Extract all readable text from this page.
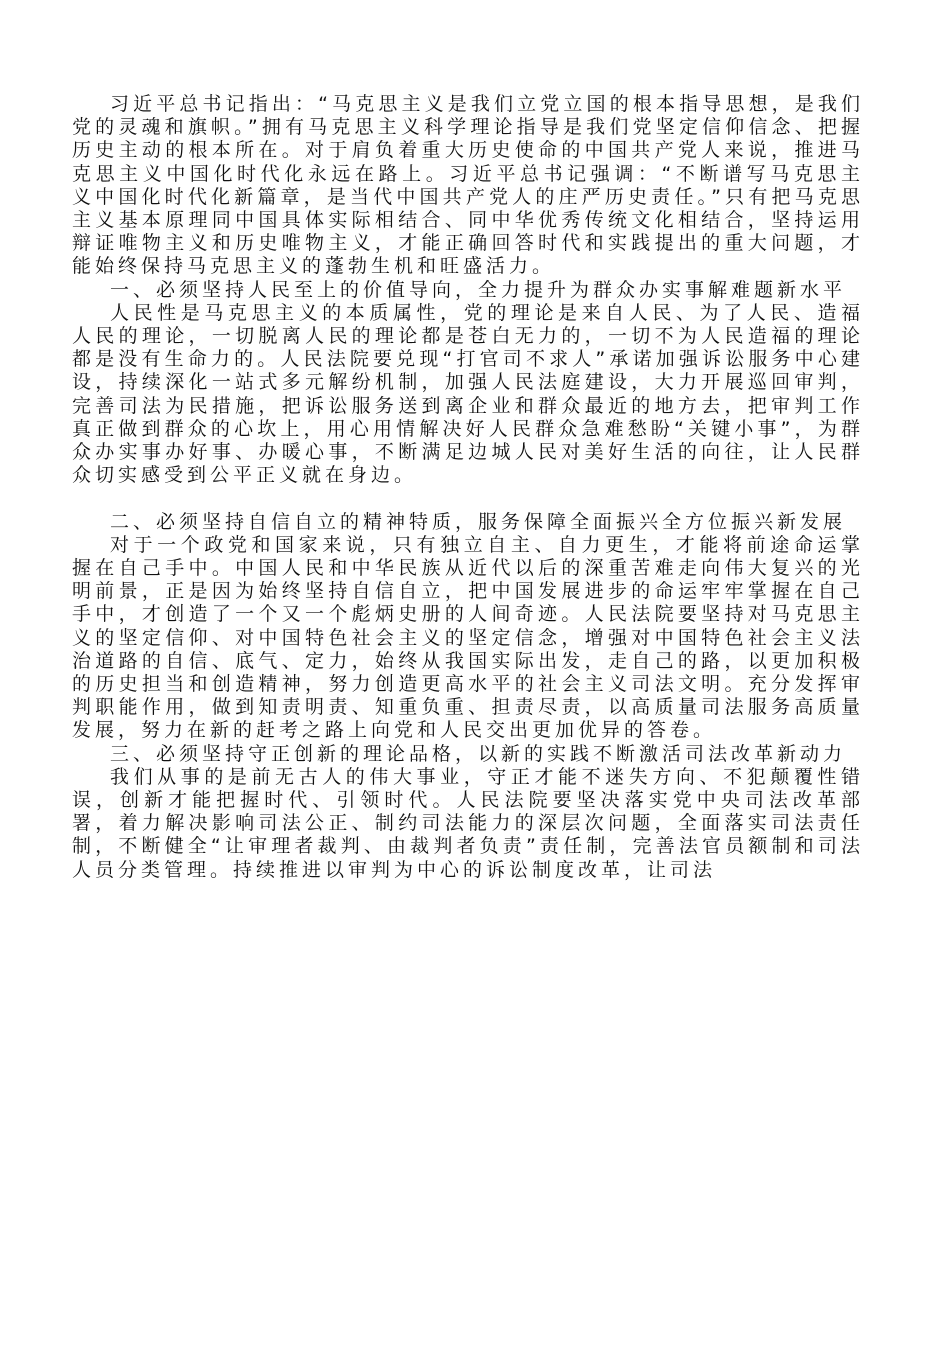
习近平总书记指出：“马克思主义是我们立党立国的根本指导思想，是我们党的灵魂和旗帜。”拥有马克思主义科学理论指导是我们党坚定信仰信念、把握历史主动的根本所在。对于肩负着重大历史使命的中国共产党人来说，推进马克思主义中国化时代化永远在路上。习近平总书记强调：“不断谱写马克思主义中国化时代化新篇章，是当代中国共产党人的庄严历史责任。”只有把马克思主义基本原理同中国具体实际相结合、同中华优秀传统文化相结合，坚持运用辩证唯物主义和历史唯物主义，才能正确回答时代和实践提出的重大问题，才能始终保持马克思主义的蓬勃生机和旺盛活力。

一、必须坚持人民至上的价值导向，全力提升为群众办实事解难题新水平

人民性是马克思主义的本质属性，党的理论是来自人民、为了人民、造福人民的理论，一切脱离人民的理论都是苍白无力的，一切不为人民造福的理论都是没有生命力的。人民法院要兑现“打官司不求人”承诺加强诉讼服务中心建设，持续深化一站式多元解纷机制，加强人民法庭建设，大力开展巡回审判，完善司法为民措施，把诉讼服务送到离企业和群众最近的地方去，把审判工作真正做到群众的心坎上，用心用情解决好人民群众急难愁盼“关键小事”，为群众办实事办好事、办暖心事，不断满足边城人民对美好生活的向往，让人民群众切实感受到公平正义就在身边。

二、必须坚持自信自立的精神特质，服务保障全面振兴全方位振兴新发展

对于一个政党和国家来说，只有独立自主、自力更生，才能将前途命运掌握在自己手中。中国人民和中华民族从近代以后的深重苦难走向伟大复兴的光明前景，正是因为始终坚持自信自立，把中国发展进步的命运牢牢掌握在自己手中，才创造了一个又一个彪炳史册的人间奇迹。人民法院要坚持对马克思主义的坚定信仰、对中国特色社会主义的坚定信念，增强对中国特色社会主义法治道路的自信、底气、定力，始终从我国实际出发，走自己的路，以更加积极的历史担当和创造精神，努力创造更高水平的社会主义司法文明。充分发挥审判职能作用，做到知责明责、知重负重、担责尽责，以高质量司法服务高质量发展，努力在新的赶考之路上向党和人民交出更加优异的答卷。

三、必须坚持守正创新的理论品格，以新的实践不断激活司法改革新动力

我们从事的是前无古人的伟大事业，守正才能不迷失方向、不犯颠覆性错误，创新才能把握时代、引领时代。人民法院要坚决落实党中央司法改革部署，着力解决影响司法公正、制约司法能力的深层次问题，全面落实司法责任制，不断健全“让审理者裁判、由裁判者负责”责任制，完善法官员额制和司法人员分类管理。持续推进以审判为中心的诉讼制度改革，让司法
